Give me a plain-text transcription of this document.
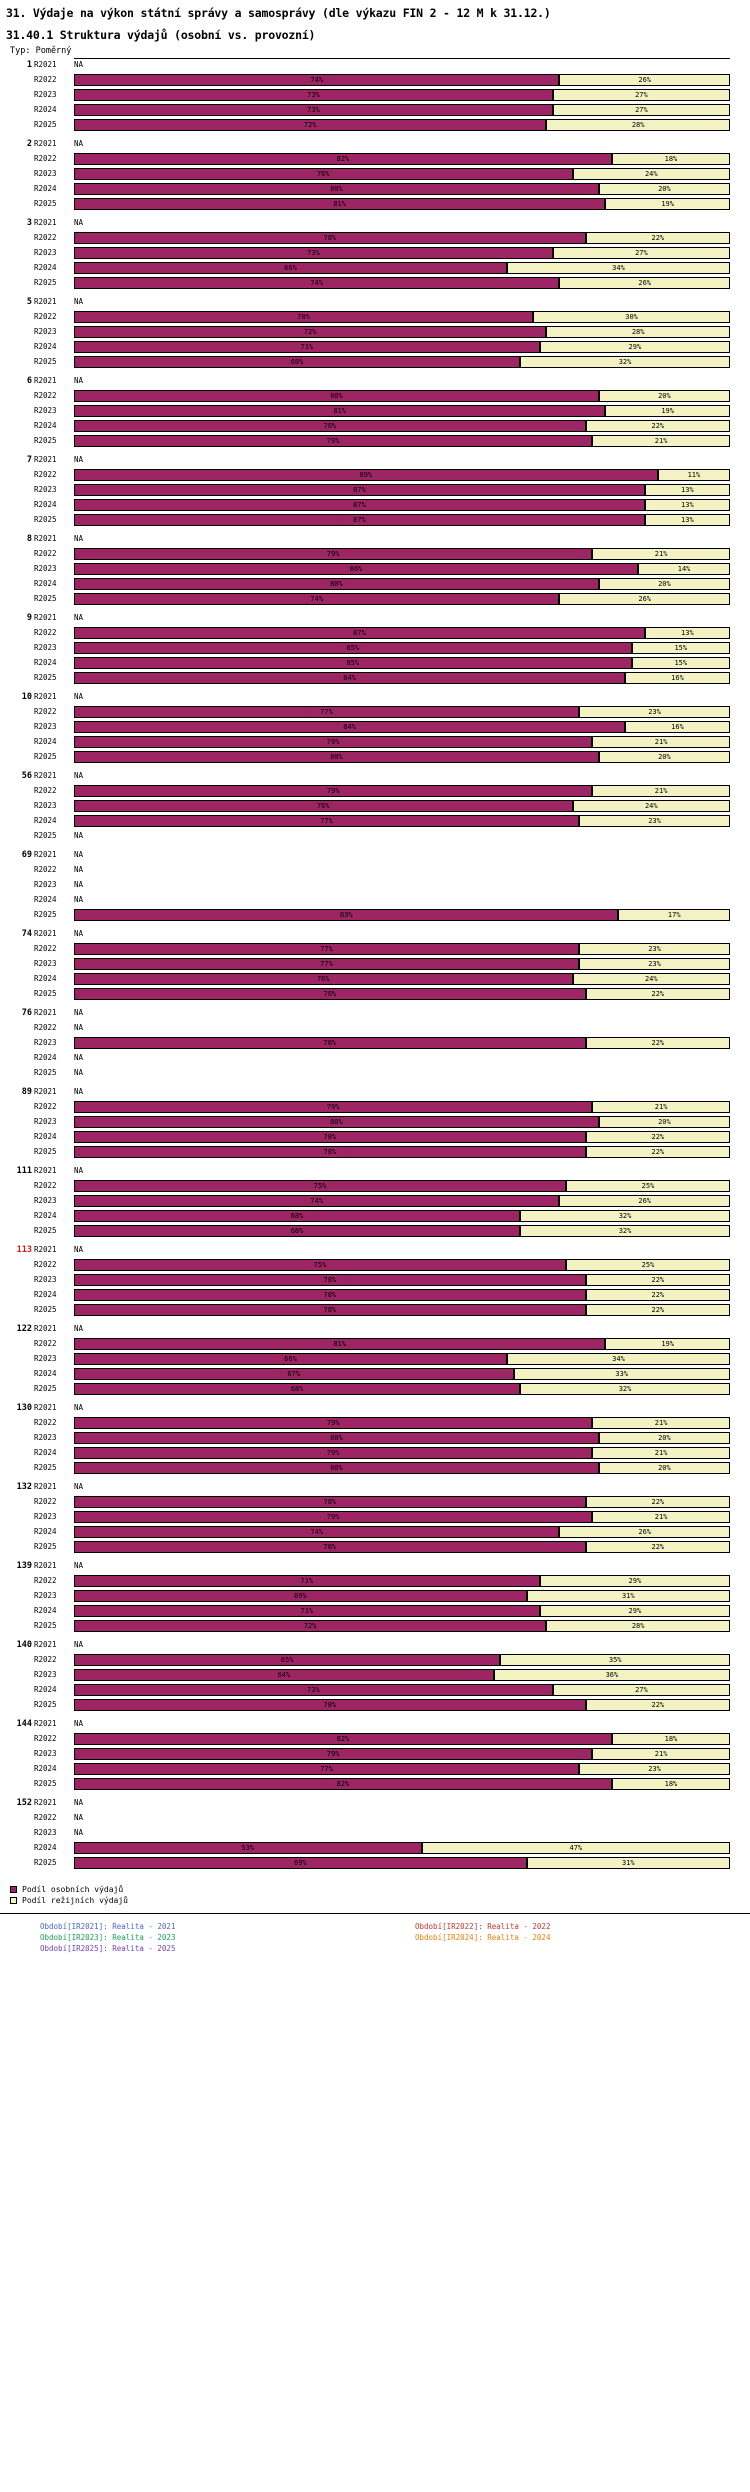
31. Výdaje na výkon státní správy a samosprávy (dle výkazu FIN 2 - 12 M k 31.12.)
31.40.1 Struktura výdajů (osobní vs. provozní)
Typ: Poměrný
1 R2021	NA
R2022	74%	26%
R2023	73%	27%
R2024	73%	27%
R2025	72%	28%
2 R2021	NA
R2022	82%	18%
R2023	76%	24%
R2024	80%	20%
R2025	81%	19%
3 R2021	NA
R2022	78%	22%
R2023	73%	27%
R2024	66%	34%
R2025	74%	26%
5 R2021	NA
R2022	70%	30%
R2023	72%	28%
R2024	71%	29%
R2025	68%	32%
6 R2021	NA
R2022	80%	20%
R2023	81%	19%
R2024	78%	22%
R2025	79%	21%
7 R2021	NA
R2022	89%	11%
R2023	87%	13%
R2024	87%	13%
R2025	87%	13%
8 R2021	NA
R2022	79%	21%
R2023	86%	14%
R2024	80%	20%
R2025	74%	26%
9 R2021	NA
R2022	87%	13%
R2023	85%	15%
R2024	85%	15%
R2025	84%	16%
10 R2021	NA
R2022	77%	23%
R2023	84%	16%
R2024	79%	21%
R2025	80%	20%
56 R2021	NA
R2022	79%	21%
R2023	76%	24%
R2024	77%	23%
R2025	NA
69 R2021	NA
R2022	NA
R2023	NA
R2024	NA
R2025	83%	17%
74 R2021	NA
R2022	77%	23%
R2023	77%	23%
R2024	76%	24%
R2025	78%	22%
76 R2021	NA
R2022	NA
R2023	78%	22%
R2024	NA
R2025	NA
89 R2021	NA
R2022	79%	21%
R2023	80%	20%
R2024	78%	22%
R2025	78%	22%
111 R2021	NA
R2022	75%	25%
R2023	74%	26%
R2024	68%	32%
R2025	68%	32%
113 R2021	NA
R2022	75%	25%
R2023	78%	22%
R2024	78%	22%
R2025	78%	22%
122 R2021	NA
R2022	81%	19%
R2023	66%	34%
R2024	67%	33%
R2025	68%	32%
130 R2021	NA
R2022	79%	21%
R2023	80%	20%
R2024	79%	21%
R2025	80%	20%
132 R2021	NA
R2022	78%	22%
R2023	79%	21%
R2024	74%	26%
R2025	78%	22%
139 R2021	NA
R2022	71%	29%
R2023	69%	31%
R2024	71%	29%
R2025	72%	28%
140 R2021	NA
R2022	65%	35%
R2023	64%	36%
R2024	73%	27%
R2025	78%	22%
144 R2021	NA
R2022	82%	18%
R2023	79%	21%
R2024	77%	23%
R2025	82%	18%
152 R2021	NA
R2022	NA
R2023	NA
R2024	53%	47%
R2025	69%	31%
Podíl osobních výdajů
Podíl režijních výdajů
Období[IR2021]: Realita - 2021
Období[IR2023]: Realita - 2023
Období[IR2025]: Realita - 2025
Období[IR2022]: Realita - 2022
Období[IR2024]: Realita - 2024
